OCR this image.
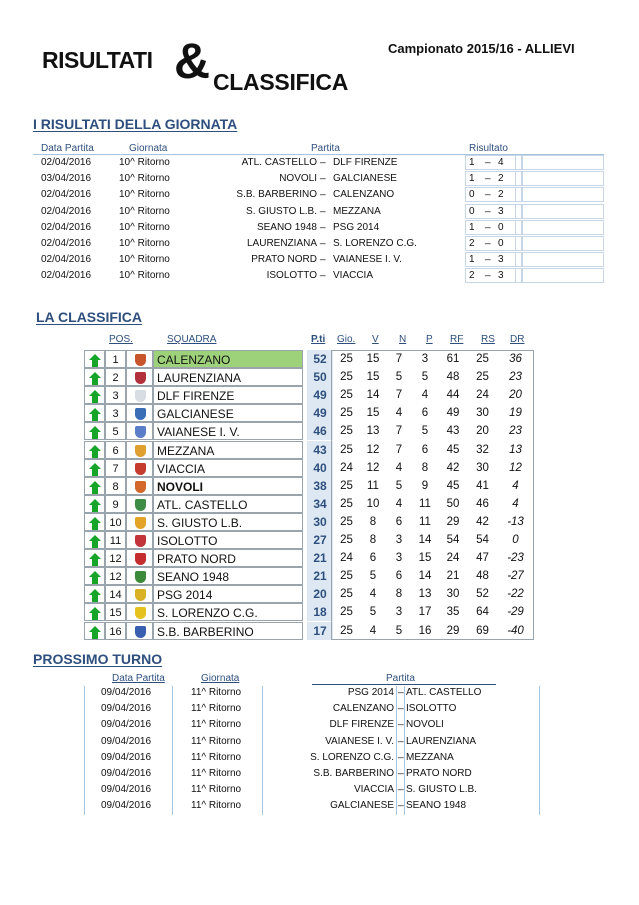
RISULTATI & CLASSIFICA
Campionato 2015/16 - ALLIEVI
I RISULTATI DELLA GIORNATA
Data Partita	Giornata	Partita	Risultato
02/04/2016	10^ Ritorno	ATL. CASTELLO _ DLF FIRENZE	1	_ 4
03/04/2016	10^ Ritorno	NOVOLI _ GALCIANESE	1	_ 2
02/04/2016	10^ Ritorno	S.B. BARBERINO _ CALENZANO	0	_ 2
02/04/2016	10^ Ritorno	S. GIUSTO L.B. _ MEZZANA	0	_ 3
02/04/2016	10^ Ritorno	SEANO 1948 _ PSG 2014	1	_ 0
02/04/2016	10^ Ritorno	LAURENZIANA _ S. LORENZO C.G.	2	_ 0
02/04/2016	10^ Ritorno	PRATO NORD _ VAIANESE I. V.	1	_ 3
02/04/2016	10^ Ritorno	ISOLOTTO _ VIACCIA	2	_ 3
LA CLASSIFICA
POS.	SQUADRA	P.ti Gio. V N P RF RS DR
1	CALENZANO	52	25	15	7	3	61	25	36
2	LAURENZIANA	50	25	15	5	5	48	25	23
3	DLF FIRENZE	49	25	14	7	4	44	24	20
3	GALCIANESE	49	25	15	4	6	49	30	19
5	VAIANESE I. V.	46	25	13	7	5	43	20	23
6	MEZZANA	43	25	12	7	6	45	32	13
7	VIACCIA	40	24	12	4	8	42	30	12
8	NOVOLI	38	25	11	5	9	45	41	4
9	ATL. CASTELLO	34	25	10	4	11	50	46	4
10	S. GIUSTO L.B.	30	25	8	6	11	29	42	-13
11	ISOLOTTO	27	25	8	3	14	54	54	0
12	PRATO NORD	21	24	6	3	15	24	47	-23
12	SEANO 1948	21	25	5	6	14	21	48	-27
14	PSG 2014	20	25	4	8	13	30	52	-22
15	S. LORENZO C.G.	18	25	5	3	17	35	64	-29
16	S.B. BARBERINO	17	25	4	5	16	29	69	-40
PROSSIMO TURNO
Data Partita	Giornata	Partita
09/04/2016	11^ Ritorno	PSG 2014 _ ATL. CASTELLO
09/04/2016	11^ Ritorno	CALENZANO _ ISOLOTTO
09/04/2016	11^ Ritorno	DLF FIRENZE _ NOVOLI
09/04/2016	11^ Ritorno	VAIANESE I. V. _ LAURENZIANA
09/04/2016	11^ Ritorno	S. LORENZO C.G. _ MEZZANA
09/04/2016	11^ Ritorno	S.B. BARBERINO _ PRATO NORD
09/04/2016	11^ Ritorno	VIACCIA _ S. GIUSTO L.B.
09/04/2016	11^ Ritorno	GALCIANESE _ SEANO 1948
